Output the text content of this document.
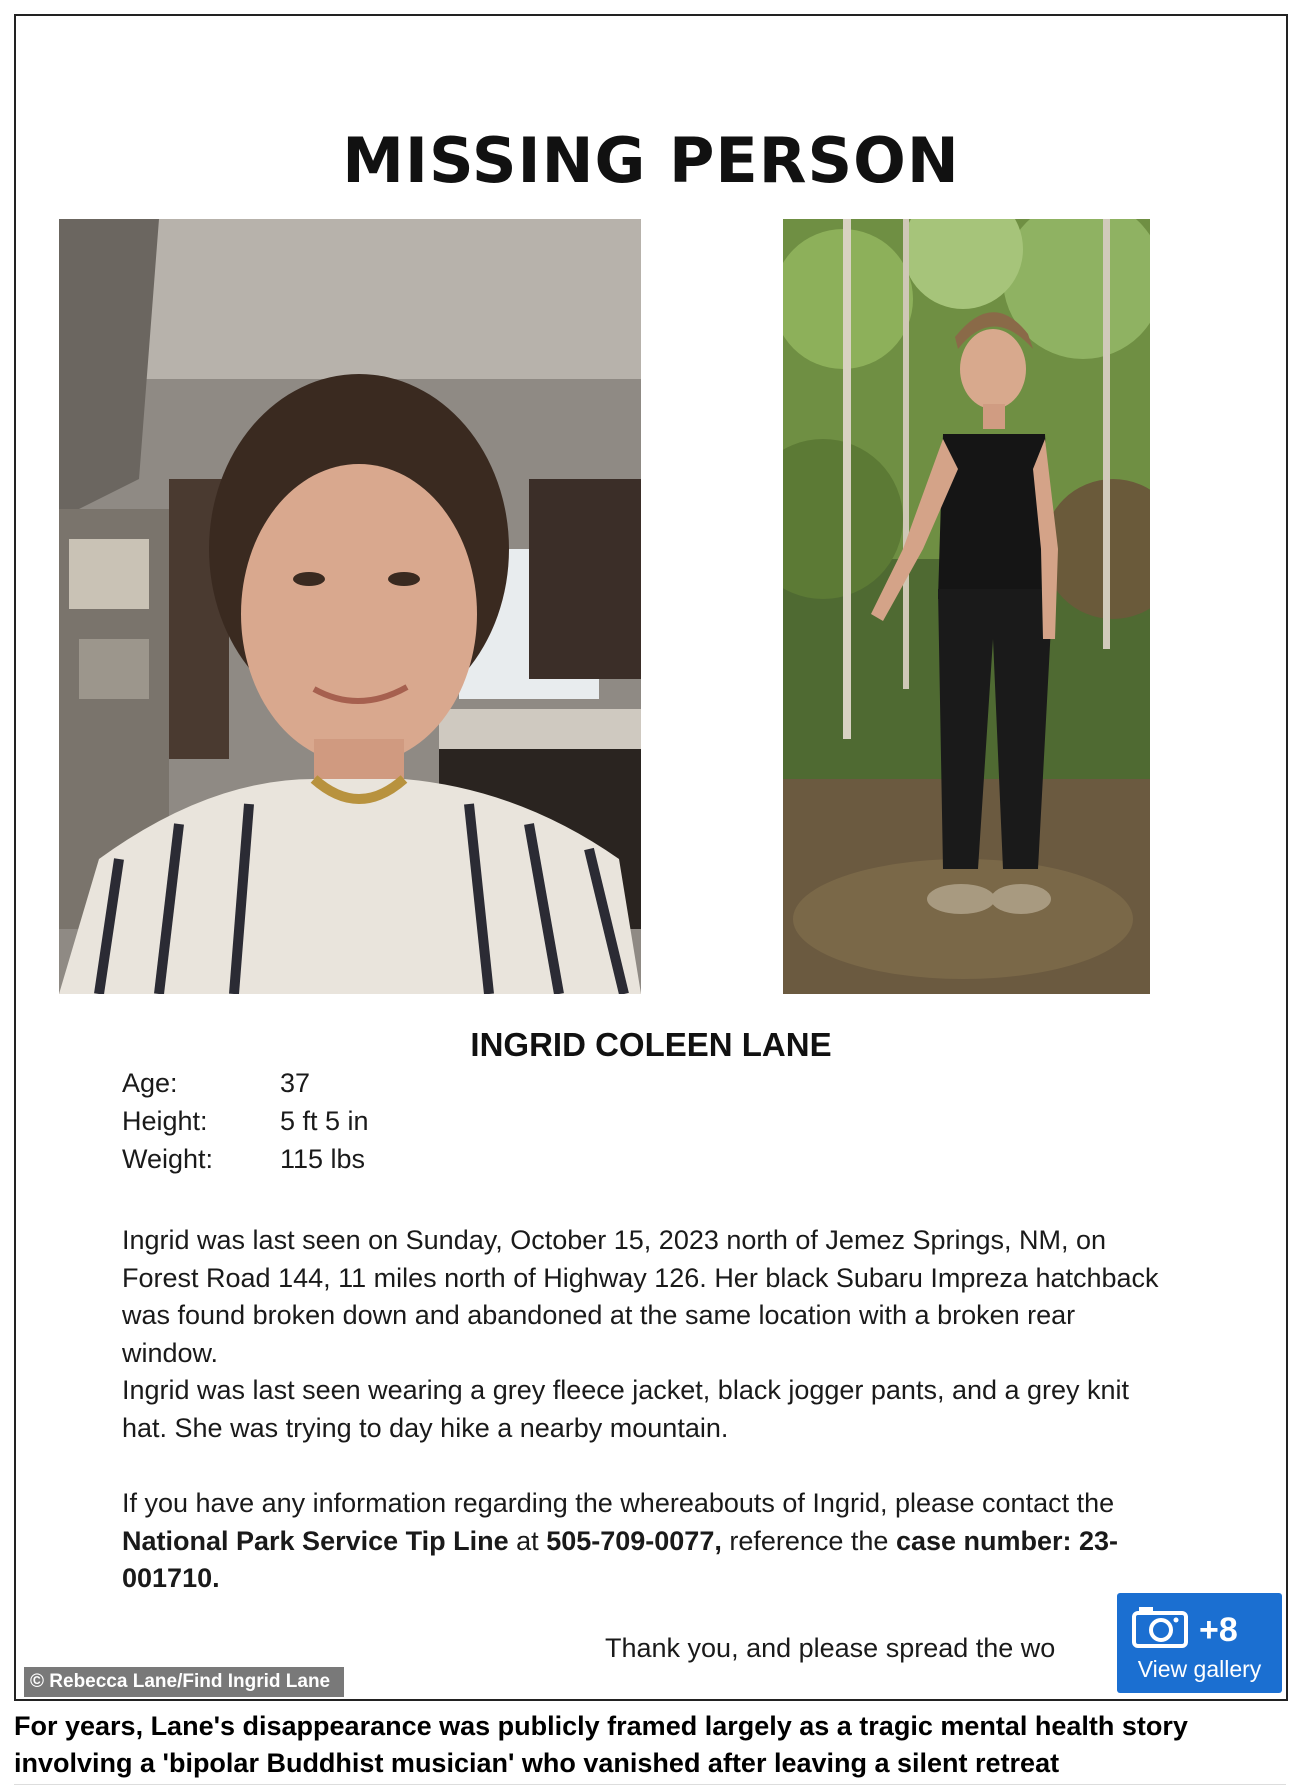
MISSING PERSON
INGRID COLEEN LANE
Age:	37
Height:	5 ft 5 in
Weight:	115 lbs

Ingrid was last seen on Sunday, October 15, 2023 north of Jemez Springs, NM, on Forest Road 144, 11 miles north of Highway 126. Her black Subaru Impreza hatchback was found broken down and abandoned at the same location with a broken rear window.

Ingrid was last seen wearing a grey fleece jacket, black jogger pants, and a grey knit hat. She was trying to day hike a nearby mountain.

If you have any information regarding the whereabouts of Ingrid, please contact the National Park Service Tip Line at 505-709-0077, reference the case number: 23-001710.

Thank you, and please spread the wo
© Rebecca Lane/Find Ingrid Lane
+8
View gallery
For years, Lane's disappearance was publicly framed largely as a tragic mental health story involving a 'bipolar Buddhist musician' who vanished after leaving a silent retreat
